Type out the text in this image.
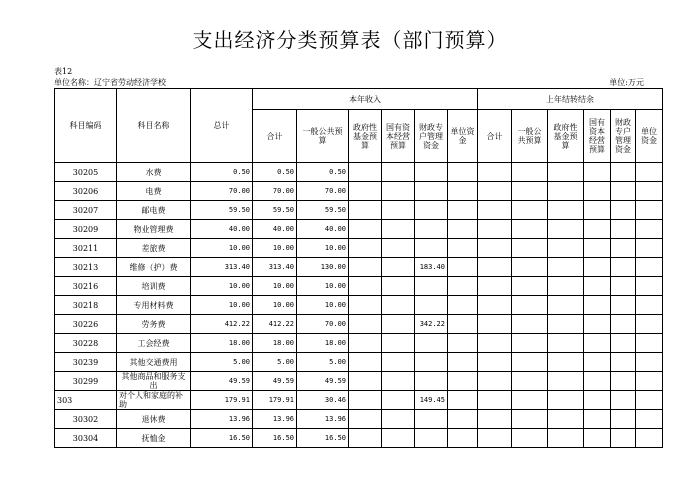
支出经济分类预算表（部门预算）
表12
单位名称：辽宁省劳动经济学校	单位:万元
科目编码	科目名称	总计	本年收入						上年结转结余					
			合计	一般公共预算	政府性基金预算	国有资本经营预算	财政专户管理资金	单位资金	合计	一般公共预算	政府性基金预算	国有资本经营预算	财政专户管理资金	单位资金
30205	水费	0.50	0.50	0.50										
30206	电费	70.00	70.00	70.00										
30207	邮电费	59.50	59.50	59.50										
30209	物业管理费	40.00	40.00	40.00										
30211	差旅费	10.00	10.00	10.00										
30213	维修（护）费	313.40	313.40	130.00			183.40							
30216	培训费	10.00	10.00	10.00										
30218	专用材料费	10.00	10.00	10.00										
30226	劳务费	412.22	412.22	70.00			342.22							
30228	工会经费	18.00	18.00	18.00										
30239	其他交通费用	5.00	5.00	5.00										
30299	其他商品和服务支出	49.59	49.59	49.59										
303	对个人和家庭的补助	179.91	179.91	30.46			149.45							
30302	退休费	13.96	13.96	13.96										
30304	抚恤金	16.50	16.50	16.50										
